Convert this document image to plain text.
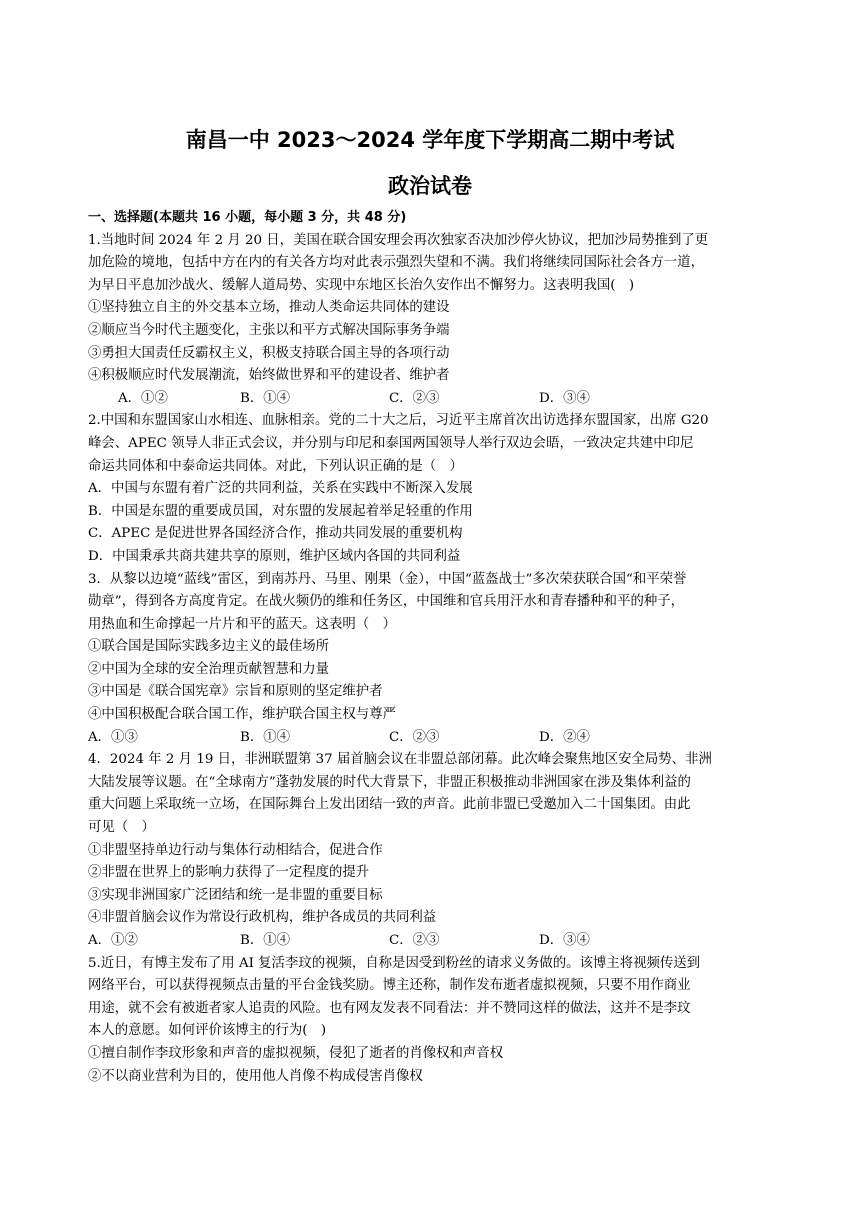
南昌一中 2023～2024 学年度下学期高二期中考试
政治试卷
一、选择题(本题共 16 小题，每小题 3 分，共 48 分)
1.当地时间 2024 年 2 月 20 日，美国在联合国安理会再次独家否决加沙停火协议，把加沙局势推到了更
加危险的境地，包括中方在内的有关各方均对此表示强烈失望和不满。我们将继续同国际社会各方一道，
为早日平息加沙战火、缓解人道局势、实现中东地区长治久安作出不懈努力。这表明我国(　)
①坚持独立自主的外交基本立场，推动人类命运共同体的建设
②顺应当今时代主题变化，主张以和平方式解决国际事务争端
③勇担大国责任反霸权主义，积极支持联合国主导的各项行动
④积极顺应时代发展潮流，始终做世界和平的建设者、维护者
A．①②	B．①④	C．②③	D．③④
2.中国和东盟国家山水相连、血脉相亲。党的二十大之后，习近平主席首次出访选择东盟国家，出席 G20
峰会、APEC 领导人非正式会议，并分别与印尼和泰国两国领导人举行双边会晤，一致决定共建中印尼
命运共同体和中泰命运共同体。对此，下列认识正确的是（　）
A．中国与东盟有着广泛的共同利益，关系在实践中不断深入发展
B．中国是东盟的重要成员国，对东盟的发展起着举足轻重的作用
C．APEC 是促进世界各国经济合作，推动共同发展的重要机构
D．中国秉承共商共建共享的原则，维护区域内各国的共同利益
3．从黎以边境“蓝线”雷区，到南苏丹、马里、刚果（金），中国“蓝盔战士”多次荣获联合国“和平荣誉
勋章”，得到各方高度肯定。在战火频仍的维和任务区，中国维和官兵用汗水和青春播种和平的种子，
用热血和生命撑起一片片和平的蓝天。这表明（　）
①联合国是国际实践多边主义的最佳场所
②中国为全球的安全治理贡献智慧和力量
③中国是《联合国宪章》宗旨和原则的坚定维护者
④中国积极配合联合国工作，维护联合国主权与尊严
A．①③	B．①④	C．②③	D．②④
4．2024 年 2 月 19 日，非洲联盟第 37 届首脑会议在非盟总部闭幕。此次峰会聚焦地区安全局势、非洲
大陆发展等议题。在“全球南方”蓬勃发展的时代大背景下，非盟正积极推动非洲国家在涉及集体利益的
重大问题上采取统一立场，在国际舞台上发出团结一致的声音。此前非盟已受邀加入二十国集团。由此
可见（　）
①非盟坚持单边行动与集体行动相结合，促进合作
②非盟在世界上的影响力获得了一定程度的提升
③实现非洲国家广泛团结和统一是非盟的重要目标
④非盟首脑会议作为常设行政机构，维护各成员的共同利益
A．①②	B．①④	C．②③	D．③④
5.近日，有博主发布了用 AI 复活李玟的视频，自称是因受到粉丝的请求义务做的。该博主将视频传送到
网络平台，可以获得视频点击量的平台金钱奖励。博主还称，制作发布逝者虚拟视频，只要不用作商业
用途，就不会有被逝者家人追责的风险。也有网友发表不同看法：并不赞同这样的做法，这并不是李玟
本人的意愿。如何评价该博主的行为(　)
①擅自制作李玟形象和声音的虚拟视频，侵犯了逝者的肖像权和声音权
②不以商业营利为目的，使用他人肖像不构成侵害肖像权
